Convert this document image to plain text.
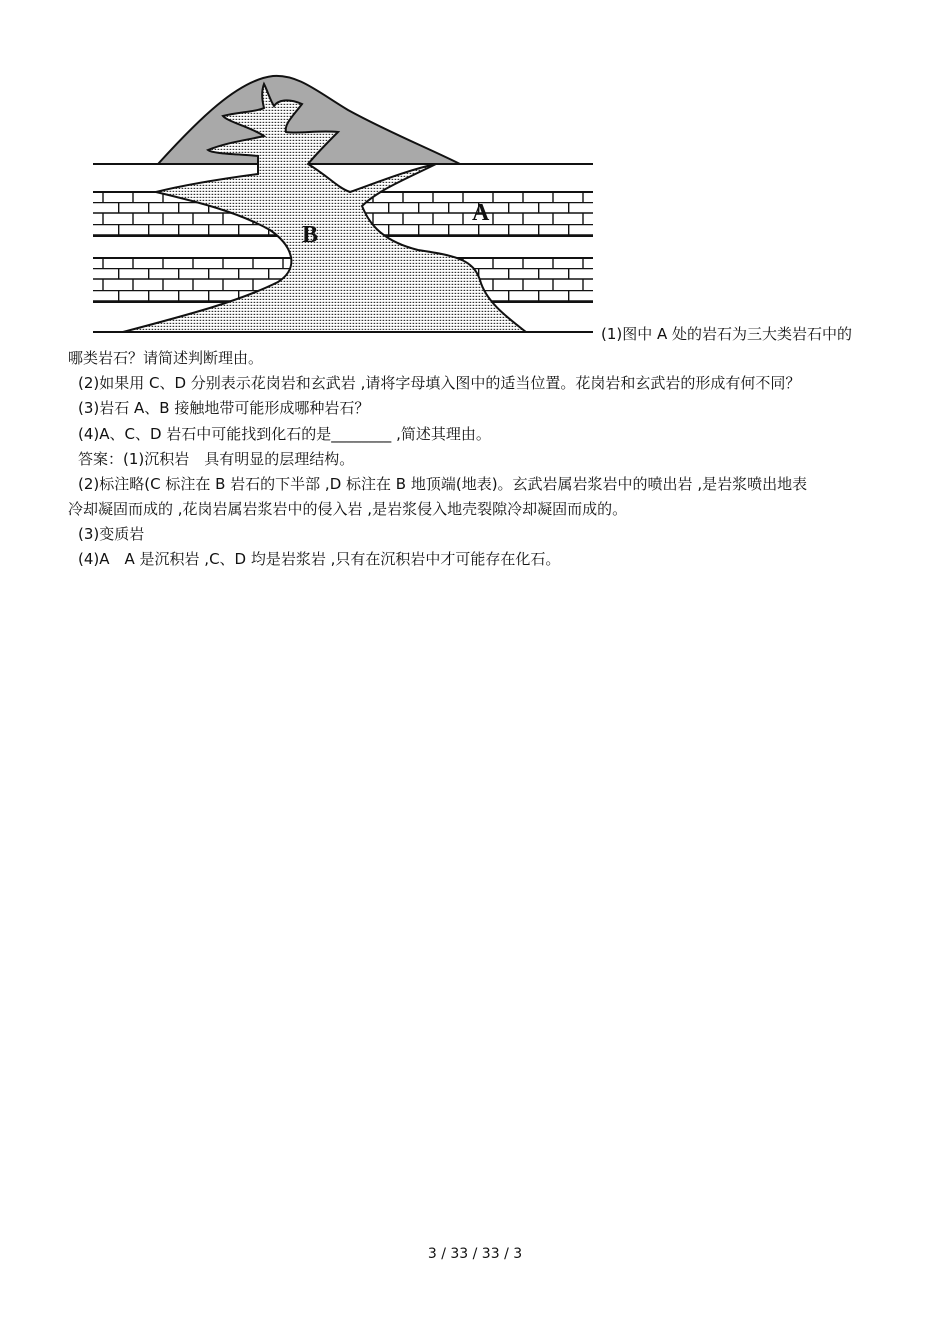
A
B
(1)图中 A 处的岩石为三大类岩石中的
哪类岩石？请简述判断理由。
(2)如果用 C、D 分别表示花岗岩和玄武岩 ,请将字母填入图中的适当位置。花岗岩和玄武岩的形成有何不同？
(3)岩石 A、B 接触地带可能形成哪种岩石？
(4)A、C、D 岩石中可能找到化石的是________ ,简述其理由。
答案：(1)沉积岩　具有明显的层理结构。
(2)标注略(C 标注在 B 岩石的下半部 ,D 标注在 B 地顶端(地表)。玄武岩属岩浆岩中的喷出岩 ,是岩浆喷出地表
冷却凝固而成的 ,花岗岩属岩浆岩中的侵入岩 ,是岩浆侵入地壳裂隙冷却凝固而成的。
(3)变质岩
(4)A　A 是沉积岩 ,C、D 均是岩浆岩 ,只有在沉积岩中才可能存在化石。
3 / 33 / 33 / 3
